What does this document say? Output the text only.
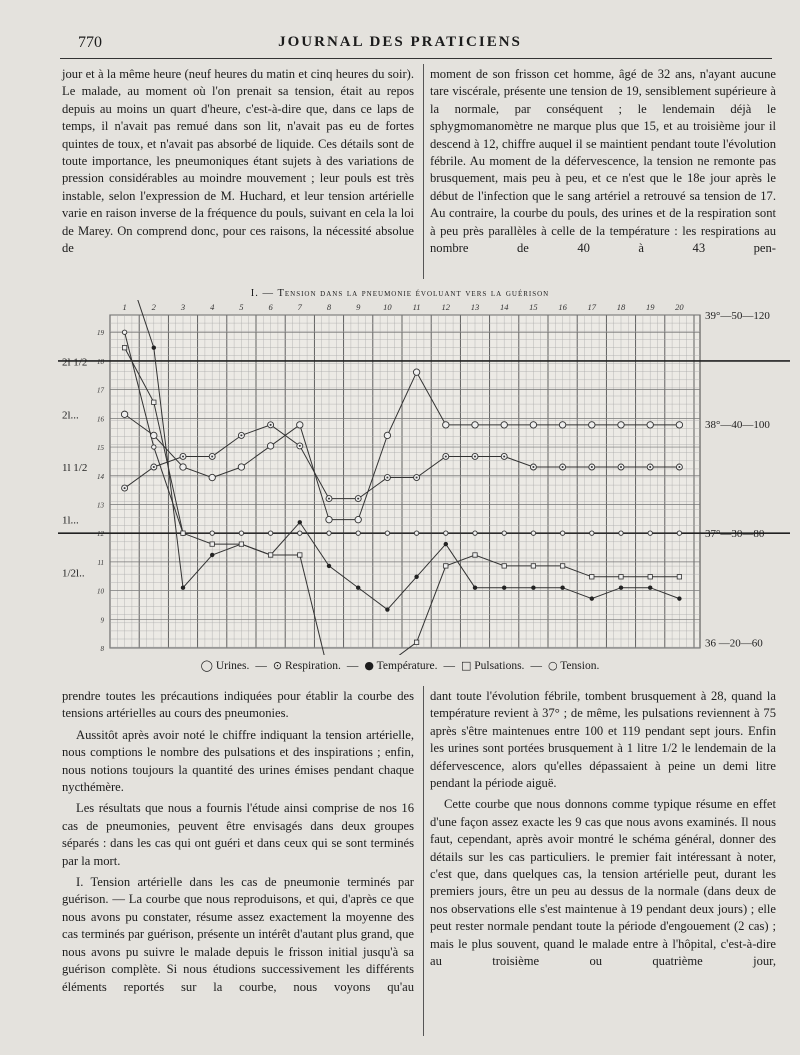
770	JOURNAL DES PRATICIENS

jour et à la même heure (neuf heures du matin et cinq heures du soir). Le malade, au moment où l'on prenait sa tension, était au repos depuis au moins un quart d'heure, c'est-à-dire que, dans ce laps de temps, il n'avait pas remué dans son lit, n'avait pas eu de fortes quintes de toux, et n'avait pas absorbé de liquide. Ces détails sont de toute importance, les pneumoniques étant sujets à des variations de pression considérables au moindre mouvement ; leur pouls est très instable, selon l'expression de M. Huchard, et leur tension artérielle varie en raison inverse de la fréquence du pouls, suivant en cela la loi de Marey. On comprend donc, pour ces raisons, la nécessité absolue de

moment de son frisson cet homme, âgé de 32 ans, n'ayant aucune tare viscérale, présente une tension de 19, sensiblement supérieure à la normale, par conséquent ; le lendemain déjà le sphygmomanomètre ne marque plus que 15, et au troisième jour il descend à 12, chiffre auquel il se maintient pendant toute l'évolution fébrile. Au moment de la défervescence, la tension ne remonte pas brusquement, mais peu à peu, et ce n'est que le 18e jour après le début de l'infection que le sang artériel a retrouvé sa tension de 17. Au contraire, la courbe du pouls, des urines et de la respiration sont à peu près parallèles à celle de la température : les respirations au nombre de 40 à 43 pen-

I. — Tension dans la pneumonie évoluant vers la guérison
8
9
10
11
12
13
14
15
16
17
18
19
1	2	3	4	5	6	7	8	9	10 11 12 13 14 15 16 17 18 19 20
2l 1/2
2l...
1l 1/2
1l...
1/2l..
39°—50—120
38°—40—100
37°—30—80
36 —20—60
◯ Urines. — ⊙ Respiration. — ● Température. — □ Pulsations. — ○ Tension.

prendre toutes les précautions indiquées pour établir la courbe des tensions artérielles au cours des pneumonies.

Aussitôt après avoir noté le chiffre indiquant la tension artérielle, nous comptions le nombre des pulsations et des inspirations ; enfin, nous notions toujours la quantité des urines émises pendant chaque nycthémère.

Les résultats que nous a fournis l'étude ainsi comprise de nos 16 cas de pneumonies, peuvent être envisagés dans deux groupes séparés : dans les cas qui ont guéri et dans ceux qui se sont terminés par la mort.

I. Tension artérielle dans les cas de pneumonie terminés par guérison. — La courbe que nous reproduisons, et qui, d'après ce que nous avons pu constater, résume assez exactement la moyenne des cas terminés par guérison, présente un intérêt d'autant plus grand, que nous avons pu suivre le malade depuis le frisson initial jusqu'à sa guérison complète. Si nous étudions successivement les différents éléments reportés sur la courbe, nous voyons qu'au

dant toute l'évolution fébrile, tombent brusquement à 28, quand la température revient à 37° ; de même, les pulsations reviennent à 75 après s'être maintenues entre 100 et 119 pendant sept jours. Enfin les urines sont portées brusquement à 1 litre 1/2 le lendemain de la défervescence, alors qu'elles dépassaient à peine un demi litre pendant la période aiguë.

Cette courbe que nous donnons comme typique résume en effet d'une façon assez exacte les 9 cas que nous avons examinés. Il nous faut, cependant, après avoir montré le schéma général, donner des détails sur les cas particuliers. le premier fait intéressant à noter, c'est que, dans quelques cas, la tension artérielle peut, durant les premiers jours, être un peu au dessus de la normale (dans deux de nos observations elle s'est maintenue à 19 pendant deux jours) ; elle peut rester normale pendant toute la période d'engouement (2 cas) ; mais le plus souvent, quand le malade entre à l'hôpital, c'est-à-dire au troisième ou quatrième jour,
